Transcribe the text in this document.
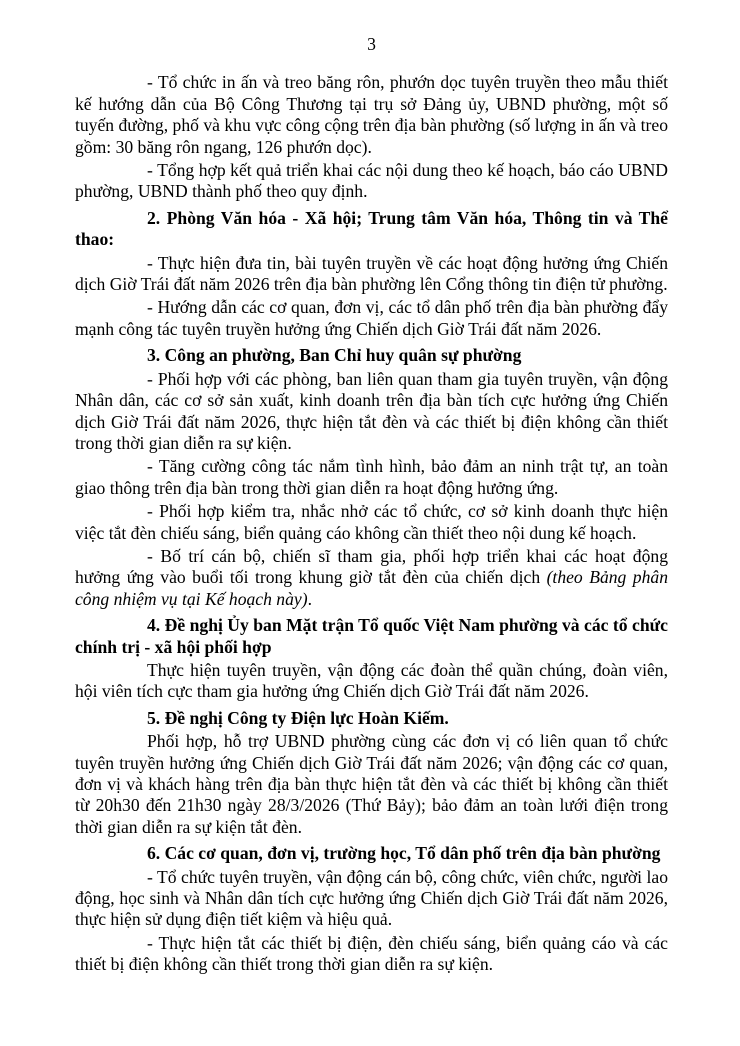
3

- Tổ chức in ấn và treo băng rôn, phướn dọc tuyên truyền theo mẫu thiết kế hướng dẫn của Bộ Công Thương tại trụ sở Đảng ủy, UBND phường, một số tuyến đường, phố và khu vực công cộng trên địa bàn phường (số lượng in ấn và treo gồm: 30 băng rôn ngang, 126 phướn dọc).

- Tổng hợp kết quả triển khai các nội dung theo kế hoạch, báo cáo UBND phường, UBND thành phố theo quy định.

2. Phòng Văn hóa - Xã hội; Trung tâm Văn hóa, Thông tin và Thể thao:

- Thực hiện đưa tin, bài tuyên truyền về các hoạt động hưởng ứng Chiến dịch Giờ Trái đất năm 2026 trên địa bàn phường lên Cổng thông tin điện tử phường.

- Hướng dẫn các cơ quan, đơn vị, các tổ dân phố trên địa bàn phường đẩy mạnh công tác tuyên truyền hưởng ứng Chiến dịch Giờ Trái đất năm 2026.

3. Công an phường, Ban Chỉ huy quân sự phường

- Phối hợp với các phòng, ban liên quan tham gia tuyên truyền, vận động Nhân dân, các cơ sở sản xuất, kinh doanh trên địa bàn tích cực hưởng ứng Chiến dịch Giờ Trái đất năm 2026, thực hiện tắt đèn và các thiết bị điện không cần thiết trong thời gian diễn ra sự kiện.

- Tăng cường công tác nắm tình hình, bảo đảm an ninh trật tự, an toàn giao thông trên địa bàn trong thời gian diễn ra hoạt động hưởng ứng.

- Phối hợp kiểm tra, nhắc nhở các tổ chức, cơ sở kinh doanh thực hiện việc tắt đèn chiếu sáng, biển quảng cáo không cần thiết theo nội dung kế hoạch.

- Bố trí cán bộ, chiến sĩ tham gia, phối hợp triển khai các hoạt động hưởng ứng vào buổi tối trong khung giờ tắt đèn của chiến dịch (theo Bảng phân công nhiệm vụ tại Kế hoạch này).

4. Đề nghị Ủy ban Mặt trận Tổ quốc Việt Nam phường và các tổ chức chính trị - xã hội phối hợp

Thực hiện tuyên truyền, vận động các đoàn thể quần chúng, đoàn viên, hội viên tích cực tham gia hưởng ứng Chiến dịch Giờ Trái đất năm 2026.

5. Đề nghị Công ty Điện lực Hoàn Kiếm.

Phối hợp, hỗ trợ UBND phường cùng các đơn vị có liên quan tổ chức tuyên truyền hưởng ứng Chiến dịch Giờ Trái đất năm 2026; vận động các cơ quan, đơn vị và khách hàng trên địa bàn thực hiện tắt đèn và các thiết bị không cần thiết từ 20h30 đến 21h30 ngày 28/3/2026 (Thứ Bảy); bảo đảm an toàn lưới điện trong thời gian diễn ra sự kiện tắt đèn.

6. Các cơ quan, đơn vị, trường học, Tổ dân phố trên địa bàn phường

- Tổ chức tuyên truyền, vận động cán bộ, công chức, viên chức, người lao động, học sinh và Nhân dân tích cực hưởng ứng Chiến dịch Giờ Trái đất năm 2026, thực hiện sử dụng điện tiết kiệm và hiệu quả.

- Thực hiện tắt các thiết bị điện, đèn chiếu sáng, biển quảng cáo và các thiết bị điện không cần thiết trong thời gian diễn ra sự kiện.
